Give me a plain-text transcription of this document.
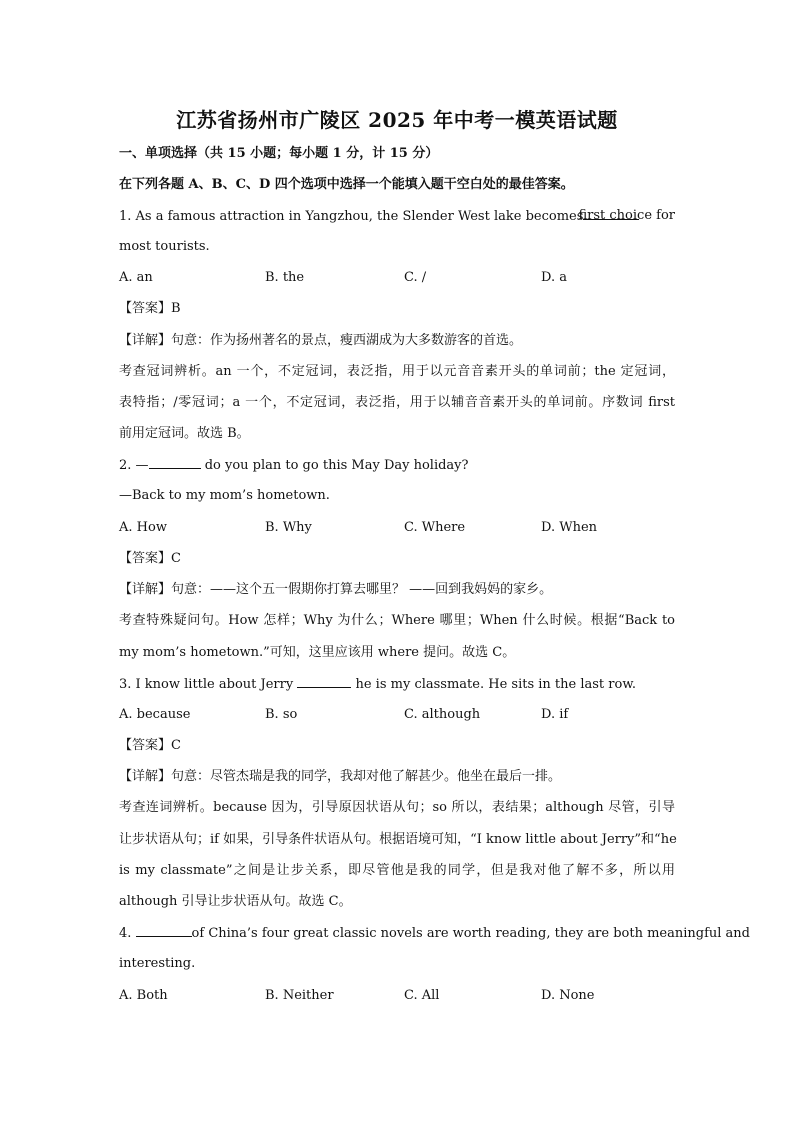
江苏省扬州市广陵区 2025 年中考一模英语试题
一、单项选择（共 15 小题；每小题 1 分，计 15 分）
在下列各题 A、B、C、D 四个选项中选择一个能填入题干空白处的最佳答案。
1. As a famous attraction in Yangzhou, the Slender West lake becomes
first choice for
most tourists.
A. an	B. the	C. /	D. a
【答案】B
【详解】句意：作为扬州著名的景点，瘦西湖成为大多数游客的首选。
考查冠词辨析。an 一个，不定冠词，表泛指，用于以元音音素开头的单词前；the 定冠词，
表特指；/零冠词；a 一个，不定冠词，表泛指，用于以辅音音素开头的单词前。序数词 first
前用定冠词。故选 B。
2. —	do you plan to go this May Day holiday?
—Back to my mom’s hometown.
A. How	B. Why	C. Where	D. When
【答案】C
【详解】句意：——这个五一假期你打算去哪里？ ——回到我妈妈的家乡。
考查特殊疑问句。How 怎样；Why 为什么；Where 哪里；When 什么时候。根据“Back to
my mom’s hometown.”可知，这里应该用 where 提问。故选 C。
3. I know little about Jerry	he is my classmate. He sits in the last row.
A. because	B. so	C. although	D. if
【答案】C
【详解】句意：尽管杰瑞是我的同学，我却对他了解甚少。他坐在最后一排。
考查连词辨析。because 因为，引导原因状语从句；so 所以，表结果；although 尽管，引导
让步状语从句；if 如果，引导条件状语从句。根据语境可知，“I know little about Jerry”和“he
is my classmate”之间是让步关系，即尽管他是我的同学，但是我对他了解不多，所以用
although 引导让步状语从句。故选 C。
4.	of China’s four great classic novels are worth reading, they are both meaningful and
interesting.
A. Both	B. Neither	C. All	D. None
